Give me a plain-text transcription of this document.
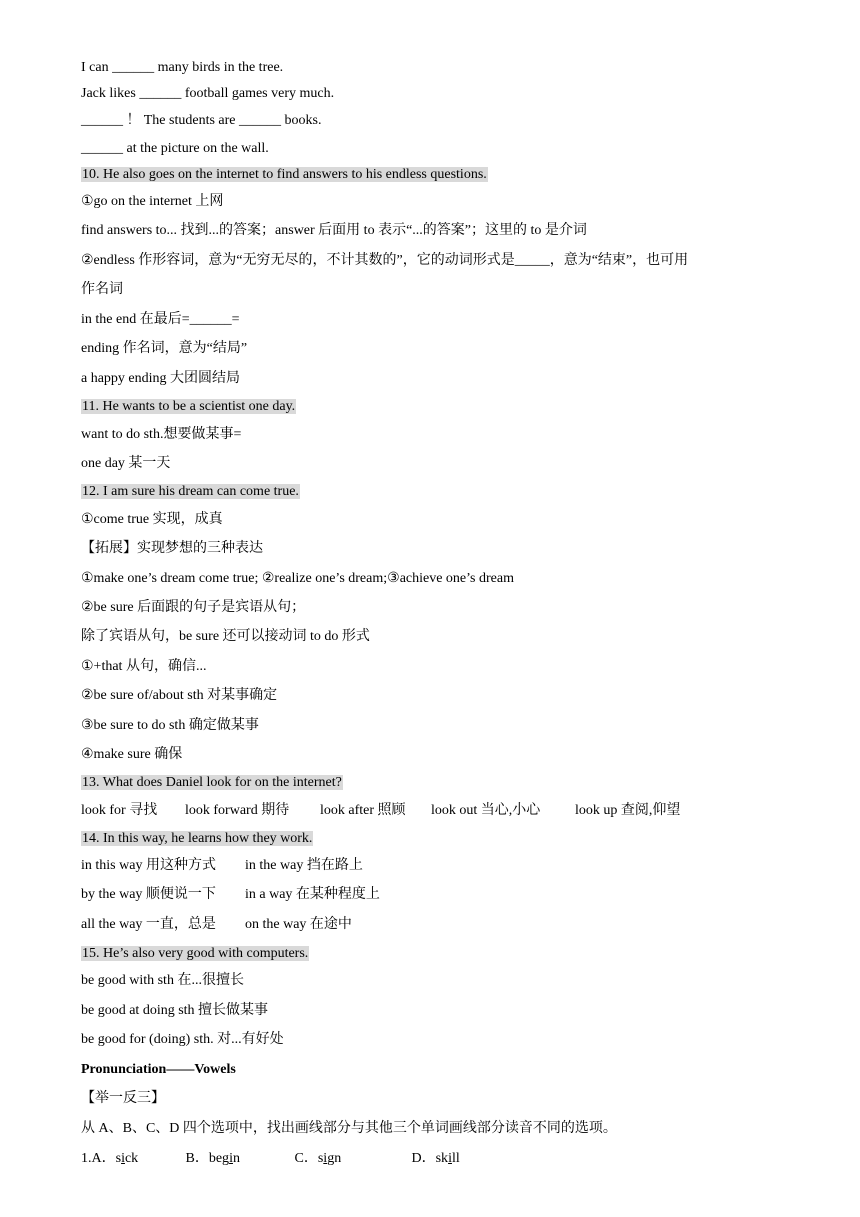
I can ______ many birds in the tree.
Jack likes ______ football games very much.
______ ！ The students are ______ books.
______ at the picture on the wall.
10. He also goes on the internet to find answers to his endless questions.
①go on the internet 上网
find answers to... 找到...的答案；answer 后面用 to 表示“...的答案”；这里的 to 是介词
②endless 作形容词，意为“无穷无尽的，不计其数的”，它的动词形式是_____，意为“结束”，也可用
作名词
in the end 在最后=______=
ending 作名词，意为“结局”
a happy ending 大团圆结局
11. He wants to be a scientist one day.
want to do sth.想要做某事=
one day 某一天
12. I am sure his dream can come true.
①come true 实现，成真
【拓展】实现梦想的三种表达
①make one’s dream come true; ②realize one’s dream;③achieve one’s dream
②be sure 后面跟的句子是宾语从句；
除了宾语从句，be sure 还可以接动词 to do 形式
①+that 从句，确信...
②be sure of/about sth 对某事确定
③be sure to do sth 确定做某事
④make sure 确保
13. What does Daniel look for on the internet?
look for 寻找 look forward 期待 look after 照顾 look out 当心,小心 look up 查阅,仰望
14. In this way, he learns how they work.
in this way 用这种方式 in the way 挡在路上
by the way 顺便说一下 in a way 在某种程度上
all the way 一直，总是 on the way 在途中
15. He’s also very good with computers.
be good with sth 在...很擅长
be good at doing sth 擅长做某事
be good for (doing) sth. 对...有好处
Pronunciation——Vowels
【举一反三】
从 A、B、C、D 四个选项中，找出画线部分与其他三个单词画线部分读音不同的选项。
1.A．sick	B．begin	C．sign	D．skill
